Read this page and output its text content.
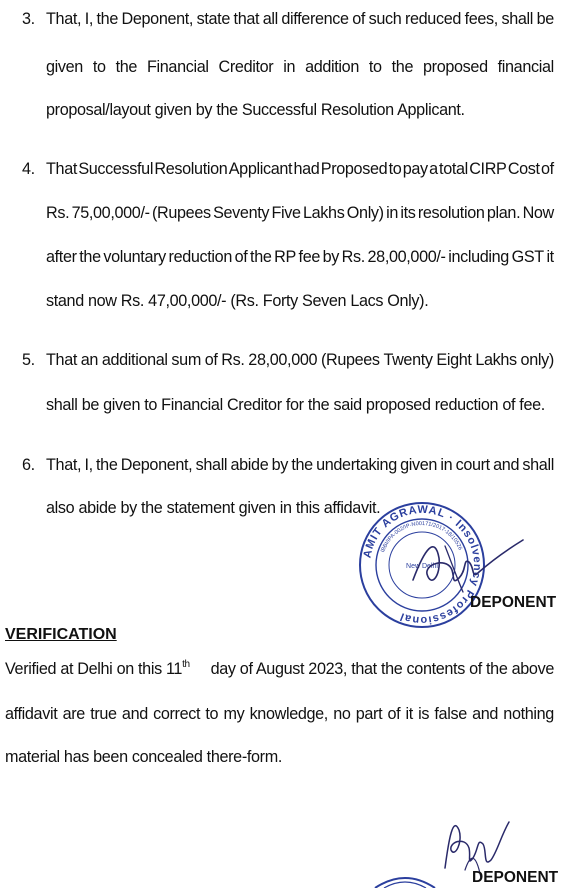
3. That, I, the Deponent, state that all difference of such reduced fees, shall be
given to the Financial Creditor in addition to the proposed financial
proposal/layout given by the Successful Resolution Applicant.
4. That Successful Resolution Applicant had Proposed to pay a total CIRP Cost of
Rs. 75,00,000/- (Rupees Seventy Five Lakhs Only) in its resolution plan. Now
after the voluntary reduction of the RP fee by Rs. 28,00,000/- including GST it
stand now Rs. 47,00,000/- (Rs. Forty Seven Lacs Only).
5. That an additional sum of Rs. 28,00,000 (Rupees Twenty Eight Lakhs only)
shall be given to Financial Creditor for the said proposed reduction of fee.
6. That, I, the Deponent, shall abide by the undertaking given in court and shall
also abide by the statement given in this affidavit.
AMIT AGRAWAL · Insolvency Professional
IBBI/IPA-002/IP-N00171/2017-18/10526
New Delhi
DEPONENT
VERIFICATION
Verified at Delhi on this 11th day of August 2023, that the contents of the above
affidavit are true and correct to my knowledge, no part of it is false and nothing
material has been concealed there-form.
DEPONENT
